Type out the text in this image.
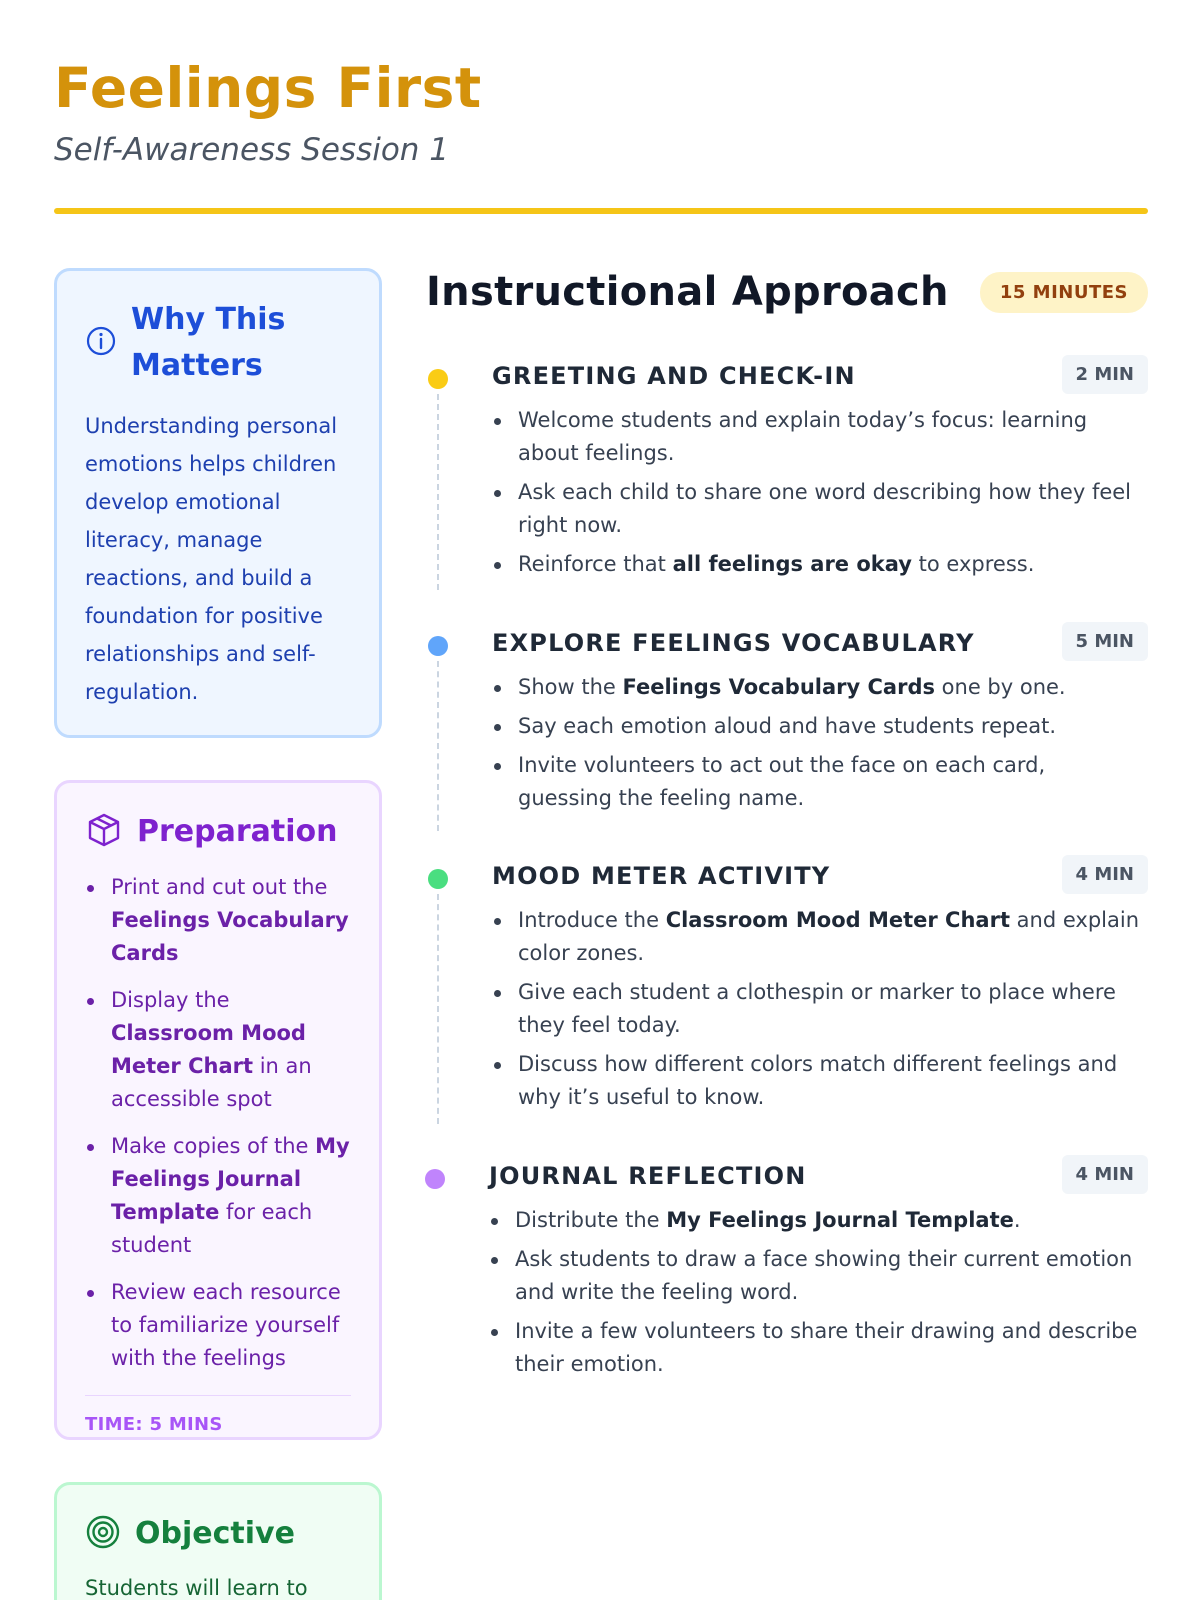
Feelings First
Self-Awareness Session 1
Why This Matters
Understanding personal emotions helps children develop emotional literacy, manage reactions, and build a foundation for positive relationships and self-regulation.
Preparation
Print and cut out the Feelings Vocabulary Cards
Display the Classroom Mood Meter Chart in an accessible spot
Make copies of the My Feelings Journal Template for each student
Review each resource to familiarize yourself with the feelings
TIME: 5 MINS
Objective
Students will learn to
Instructional Approach	15 MINUTES
GREETING AND CHECK-IN	2 MIN
Welcome students and explain today’s focus: learning about feelings.
Ask each child to share one word describing how they feel right now.
Reinforce that all feelings are okay to express.
EXPLORE FEELINGS VOCABULARY	5 MIN
Show the Feelings Vocabulary Cards one by one.
Say each emotion aloud and have students repeat.
Invite volunteers to act out the face on each card, guessing the feeling name.
MOOD METER ACTIVITY	4 MIN
Introduce the Classroom Mood Meter Chart and explain color zones.
Give each student a clothespin or marker to place where they feel today.
Discuss how different colors match different feelings and why it’s useful to know.
JOURNAL REFLECTION	4 MIN
Distribute the My Feelings Journal Template.
Ask students to draw a face showing their current emotion and write the feeling word.
Invite a few volunteers to share their drawing and describe their emotion.
